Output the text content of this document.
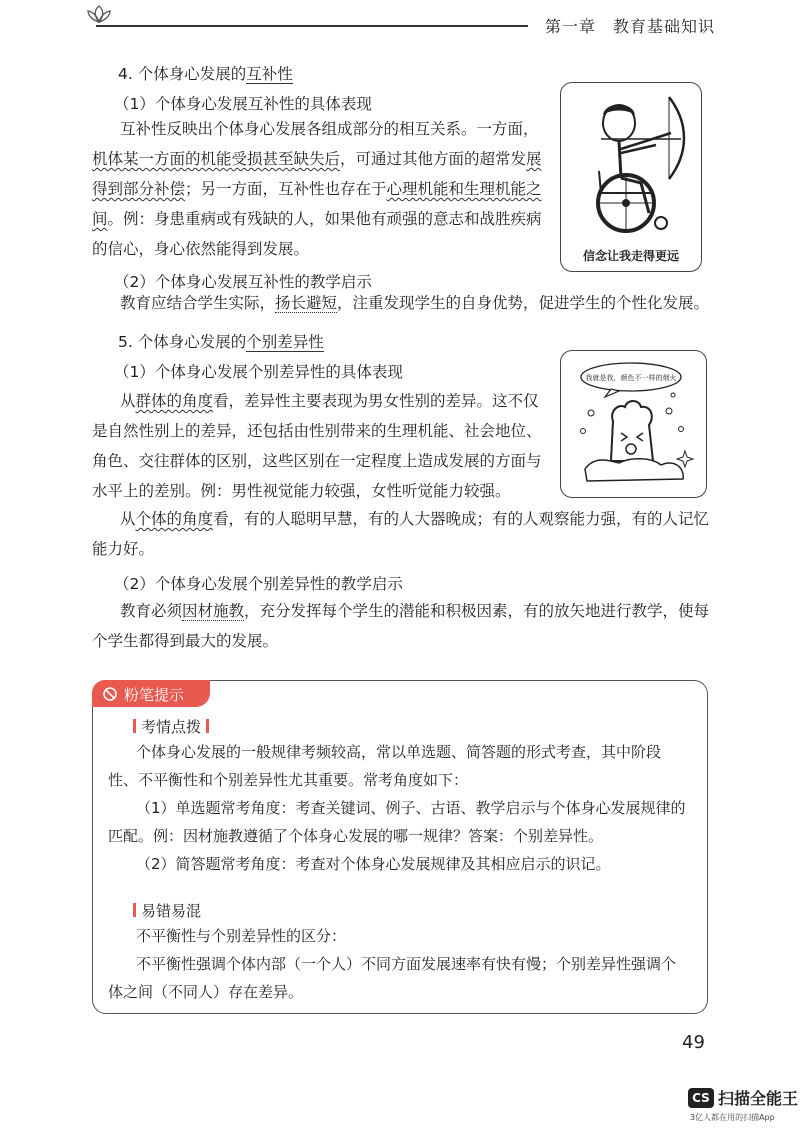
第一章　教育基础知识
4. 个体身心发展的互补性
（1）个体身心发展互补性的具体表现

互补性反映出个体身心发展各组成部分的相互关系。一方面，机体某一方面的机能受损甚至缺失后，可通过其他方面的超常发展得到部分补偿；另一方面，互补性也存在于心理机能和生理机能之间。例：身患重病或有残缺的人，如果他有顽强的意志和战胜疾病的信心，身心依然能得到发展。

（2）个体身心发展互补性的教学启示

教育应结合学生实际，扬长避短，注重发现学生的自身优势，促进学生的个性化发展。

信念让我走得更远
5. 个体身心发展的个别差异性
（1）个体身心发展个别差异性的具体表现

从群体的角度看，差异性主要表现为男女性别的差异。这不仅是自然性别上的差异，还包括由性别带来的生理机能、社会地位、角色、交往群体的区别，这些区别在一定程度上造成发展的方面与水平上的差别。例：男性视觉能力较强，女性听觉能力较强。

我就是我，颜色不一样的烟火

从个体的角度看，有的人聪明早慧，有的人大器晚成；有的人观察能力强，有的人记忆能力好。

（2）个体身心发展个别差异性的教学启示

教育必须因材施教，充分发挥每个学生的潜能和积极因素，有的放矢地进行教学，使每个学生都得到最大的发展。

粉笔提示
考情点拨

个体身心发展的一般规律考频较高，常以单选题、简答题的形式考查，其中阶段性、不平衡性和个别差异性尤其重要。常考角度如下：

（1）单选题常考角度：考查关键词、例子、古语、教学启示与个体身心发展规律的匹配。例：因材施教遵循了个体身心发展的哪一规律？答案：个别差异性。

（2）简答题常考角度：考查对个体身心发展规律及其相应启示的识记。

易错易混

不平衡性与个别差异性的区分：

不平衡性强调个体内部（一个人）不同方面发展速率有快有慢；个别差异性强调个体之间（不同人）存在差异。

49
CS 扫描全能王
3亿人都在用的扫描App
